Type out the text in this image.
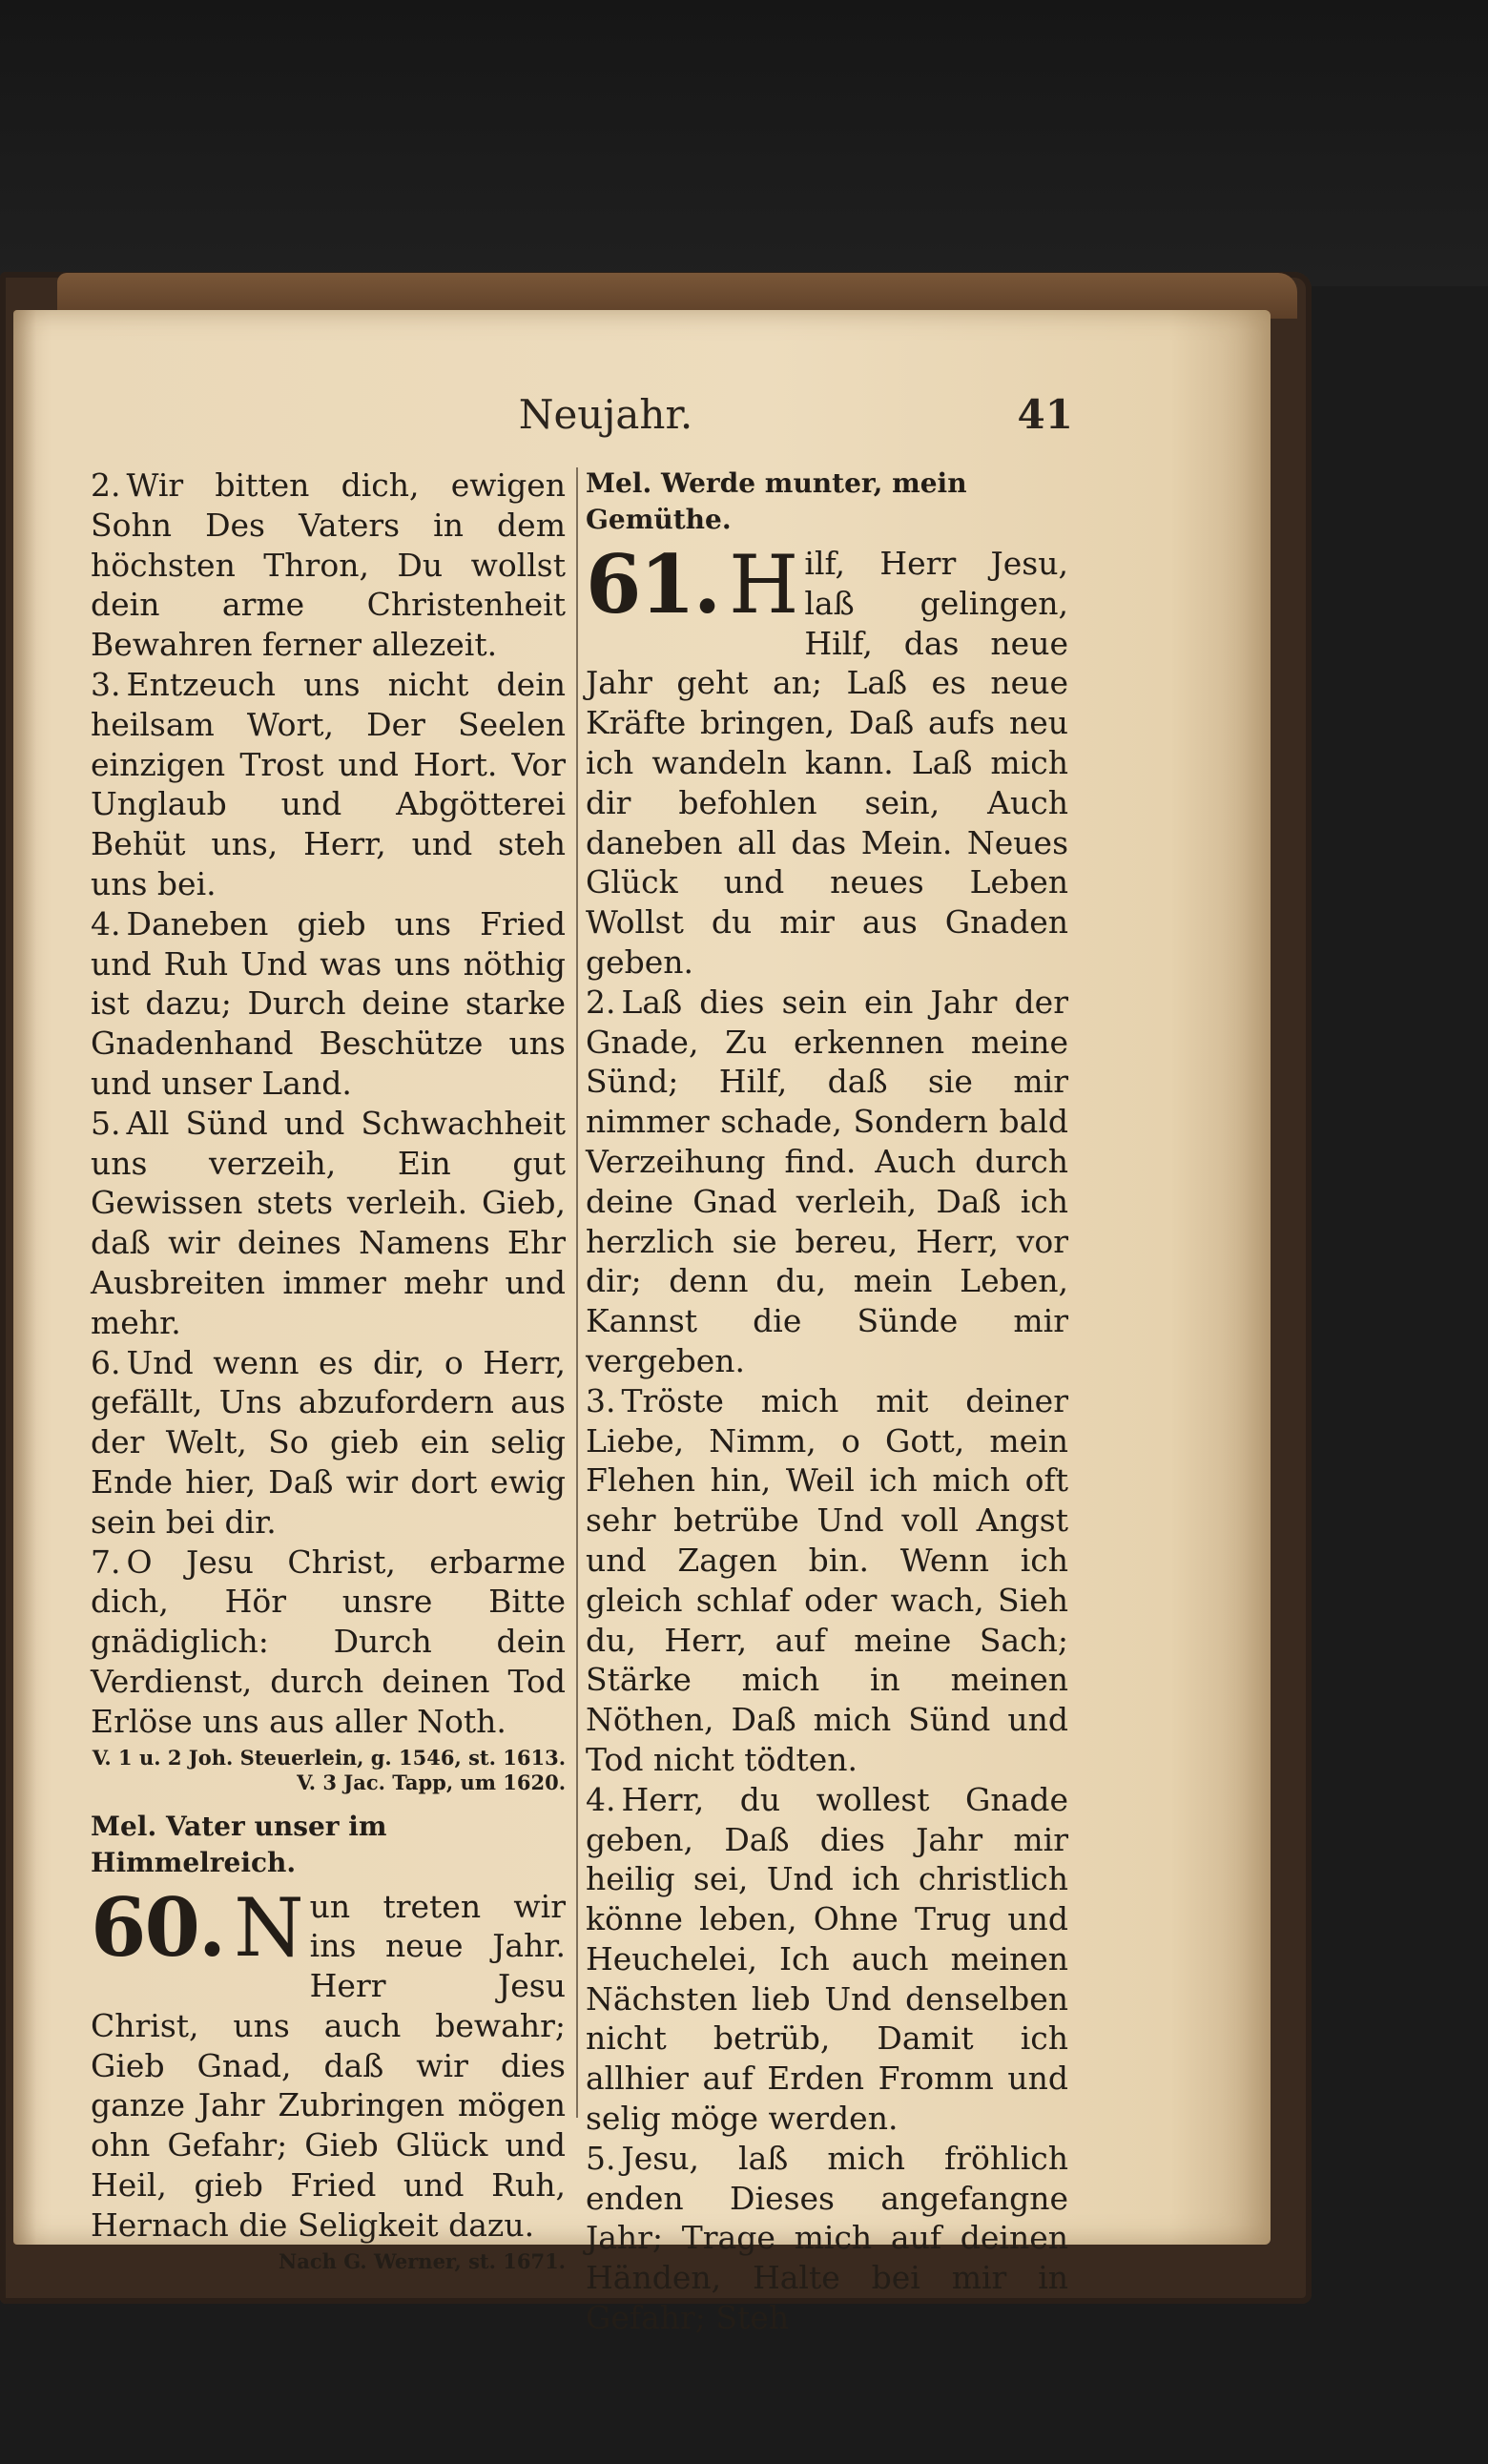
Neujahr.	41

2. Wir bitten dich, ewigen Sohn Des Vaters in dem höchsten Thron, Du wollst dein arme Christenheit Bewahren ferner allezeit.

3. Entzeuch uns nicht dein heilsam Wort, Der Seelen einzigen Trost und Hort. Vor Unglaub und Abgötterei Behüt uns, Herr, und steh uns bei.

4. Daneben gieb uns Fried und Ruh Und was uns nöthig ist dazu; Durch deine starke Gnadenhand Beschütze uns und unser Land.

5. All Sünd und Schwachheit uns verzeih, Ein gut Gewissen stets verleih. Gieb, daß wir deines Namens Ehr Ausbreiten immer mehr und mehr.

6. Und wenn es dir, o Herr, gefällt, Uns abzufordern aus der Welt, So gieb ein selig Ende hier, Daß wir dort ewig sein bei dir.

7. O Jesu Christ, erbarme dich, Hör unsre Bitte gnädiglich: Durch dein Verdienst, durch deinen Tod Erlöse uns aus aller Noth.

V. 1 u. 2 Joh. Steuerlein, g. 1546, st. 1613. V. 3 Jac. Tapp, um 1620.

Mel. Vater unser im Himmelreich.

60. N un treten wir ins neue Jahr. Herr Jesu Christ, uns auch bewahr; Gieb Gnad, daß wir dies ganze Jahr Zubringen mögen ohn Gefahr; Gieb Glück und Heil, gieb Fried und Ruh, Hernach die Seligkeit dazu.

Nach G. Werner, st. 1671.

Mel. Werde munter, mein Gemüthe.

61. H ilf, Herr Jesu, laß gelingen, Hilf, das neue Jahr geht an; Laß es neue Kräfte bringen, Daß aufs neu ich wandeln kann. Laß mich dir befohlen sein, Auch daneben all das Mein. Neues Glück und neues Leben Wollst du mir aus Gnaden geben.

2. Laß dies sein ein Jahr der Gnade, Zu erkennen meine Sünd; Hilf, daß sie mir nimmer schade, Sondern bald Verzeihung find. Auch durch deine Gnad verleih, Daß ich herzlich sie bereu, Herr, vor dir; denn du, mein Leben, Kannst die Sünde mir vergeben.

3. Tröste mich mit deiner Liebe, Nimm, o Gott, mein Flehen hin, Weil ich mich oft sehr betrübe Und voll Angst und Zagen bin. Wenn ich gleich schlaf oder wach, Sieh du, Herr, auf meine Sach; Stärke mich in meinen Nöthen, Daß mich Sünd und Tod nicht tödten.

4. Herr, du wollest Gnade geben, Daß dies Jahr mir heilig sei, Und ich christlich könne leben, Ohne Trug und Heuchelei, Ich auch meinen Nächsten lieb Und denselben nicht betrüb, Damit ich allhier auf Erden Fromm und selig möge werden.

5. Jesu, laß mich fröhlich enden Dieses angefangne Jahr; Trage mich auf deinen Händen, Halte bei mir in Gefahr; Steh
